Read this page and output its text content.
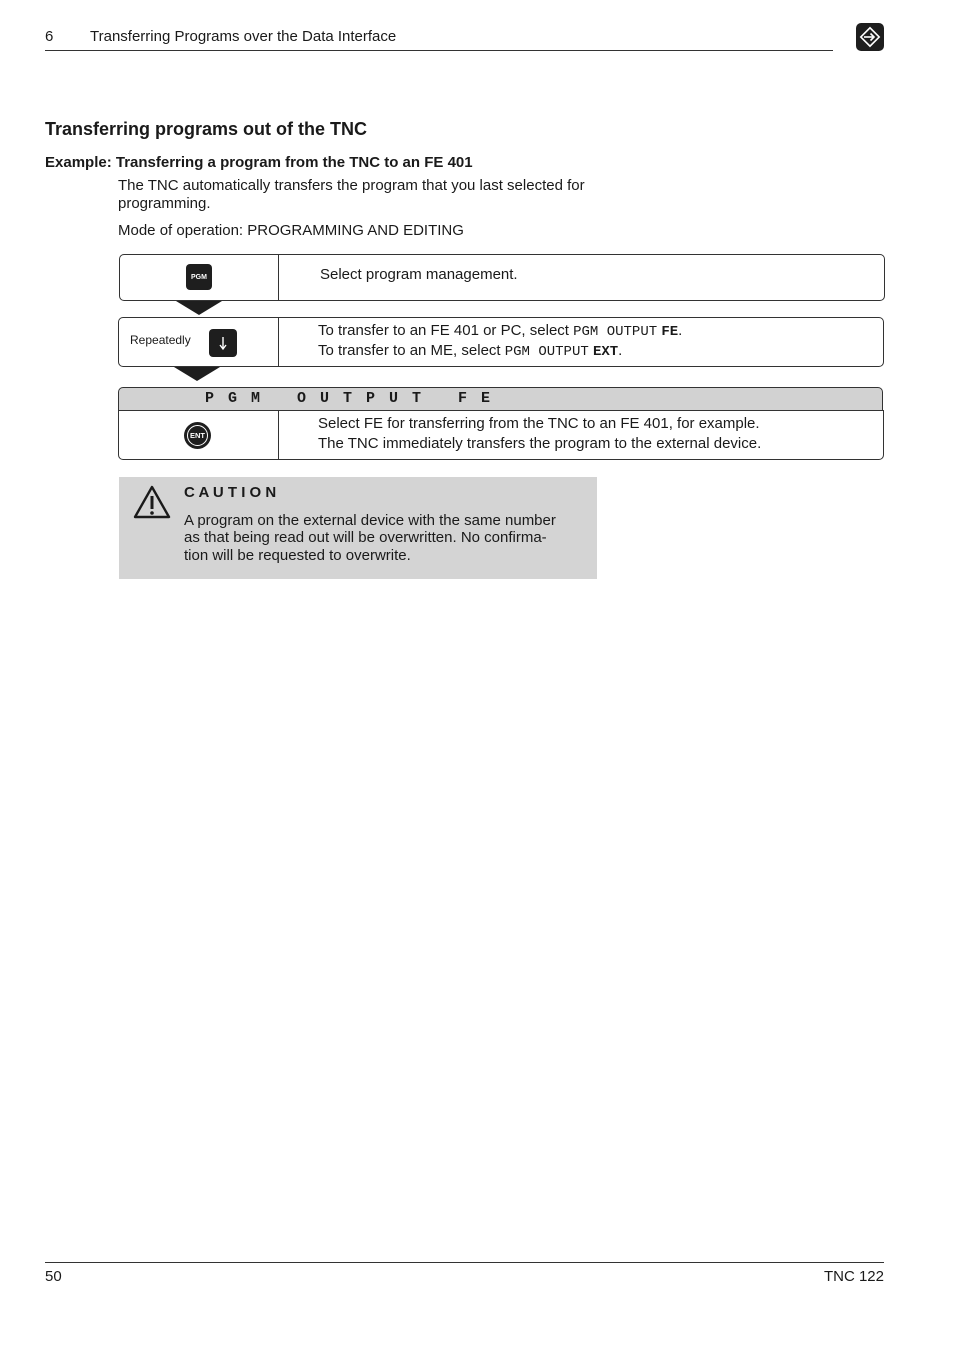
6 Transferring Programs over the Data Interface
Transferring programs out of the TNC
Example: Transferring a program from the TNC to an FE 401
The TNC automatically transfers the program that you last selected for programming.
Mode of operation: PROGRAMMING AND EDITING
PGM	Select program management.
Repeatedly
To transfer to an FE 401 or PC, select PGM OUTPUT FE.
To transfer to an ME, select PGM OUTPUT EXT.
P G M O U T P U T F E
ENT
Select FE for transferring from the TNC to an FE 401, for example.
The TNC immediately transfers the program to the external device.
C A U T I O N
A program on the external device with the same number
as that being read out will be overwritten. No confirma-
tion will be requested to overwrite.
50	TNC 122
